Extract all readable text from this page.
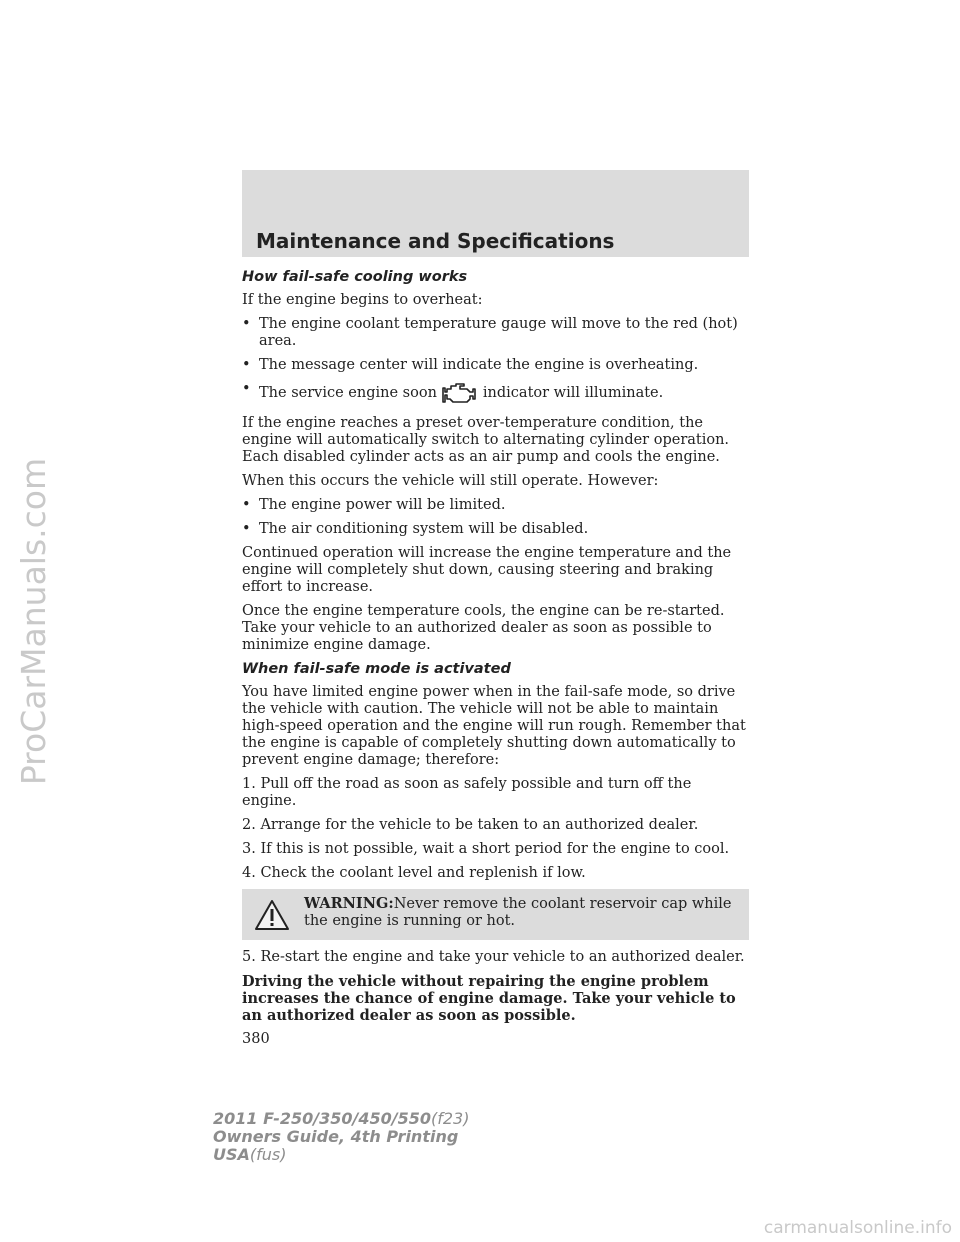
ProCarManuals.com
Maintenance and Specifications
How fail-safe cooling works

If the engine begins to overheat:

• The engine coolant temperature gauge will move to the red (hot) area.
• The message center will indicate the engine is overheating.
• The service engine soon	indicator will illuminate.

If the engine reaches a preset over-temperature condition, the engine will automatically switch to alternating cylinder operation. Each disabled cylinder acts as an air pump and cools the engine.

When this occurs the vehicle will still operate. However:

• The engine power will be limited.
• The air conditioning system will be disabled.

Continued operation will increase the engine temperature and the engine will completely shut down, causing steering and braking effort to increase.

Once the engine temperature cools, the engine can be re-started. Take your vehicle to an authorized dealer as soon as possible to minimize engine damage.

When fail-safe mode is activated

You have limited engine power when in the fail-safe mode, so drive the vehicle with caution. The vehicle will not be able to maintain high-speed operation and the engine will run rough. Remember that the engine is capable of completely shutting down automatically to prevent engine damage; therefore:

1. Pull off the road as soon as safely possible and turn off the engine.

2. Arrange for the vehicle to be taken to an authorized dealer.

3. If this is not possible, wait a short period for the engine to cool.

4. Check the coolant level and replenish if low.

WARNING:Never remove the coolant reservoir cap while the engine is running or hot.

5. Re-start the engine and take your vehicle to an authorized dealer.

Driving the vehicle without repairing the engine problem increases the chance of engine damage. Take your vehicle to an authorized dealer as soon as possible.

380
2011 F-250/350/450/550(f23)
Owners Guide, 4th Printing
USA(fus)
carmanualsonline.info
